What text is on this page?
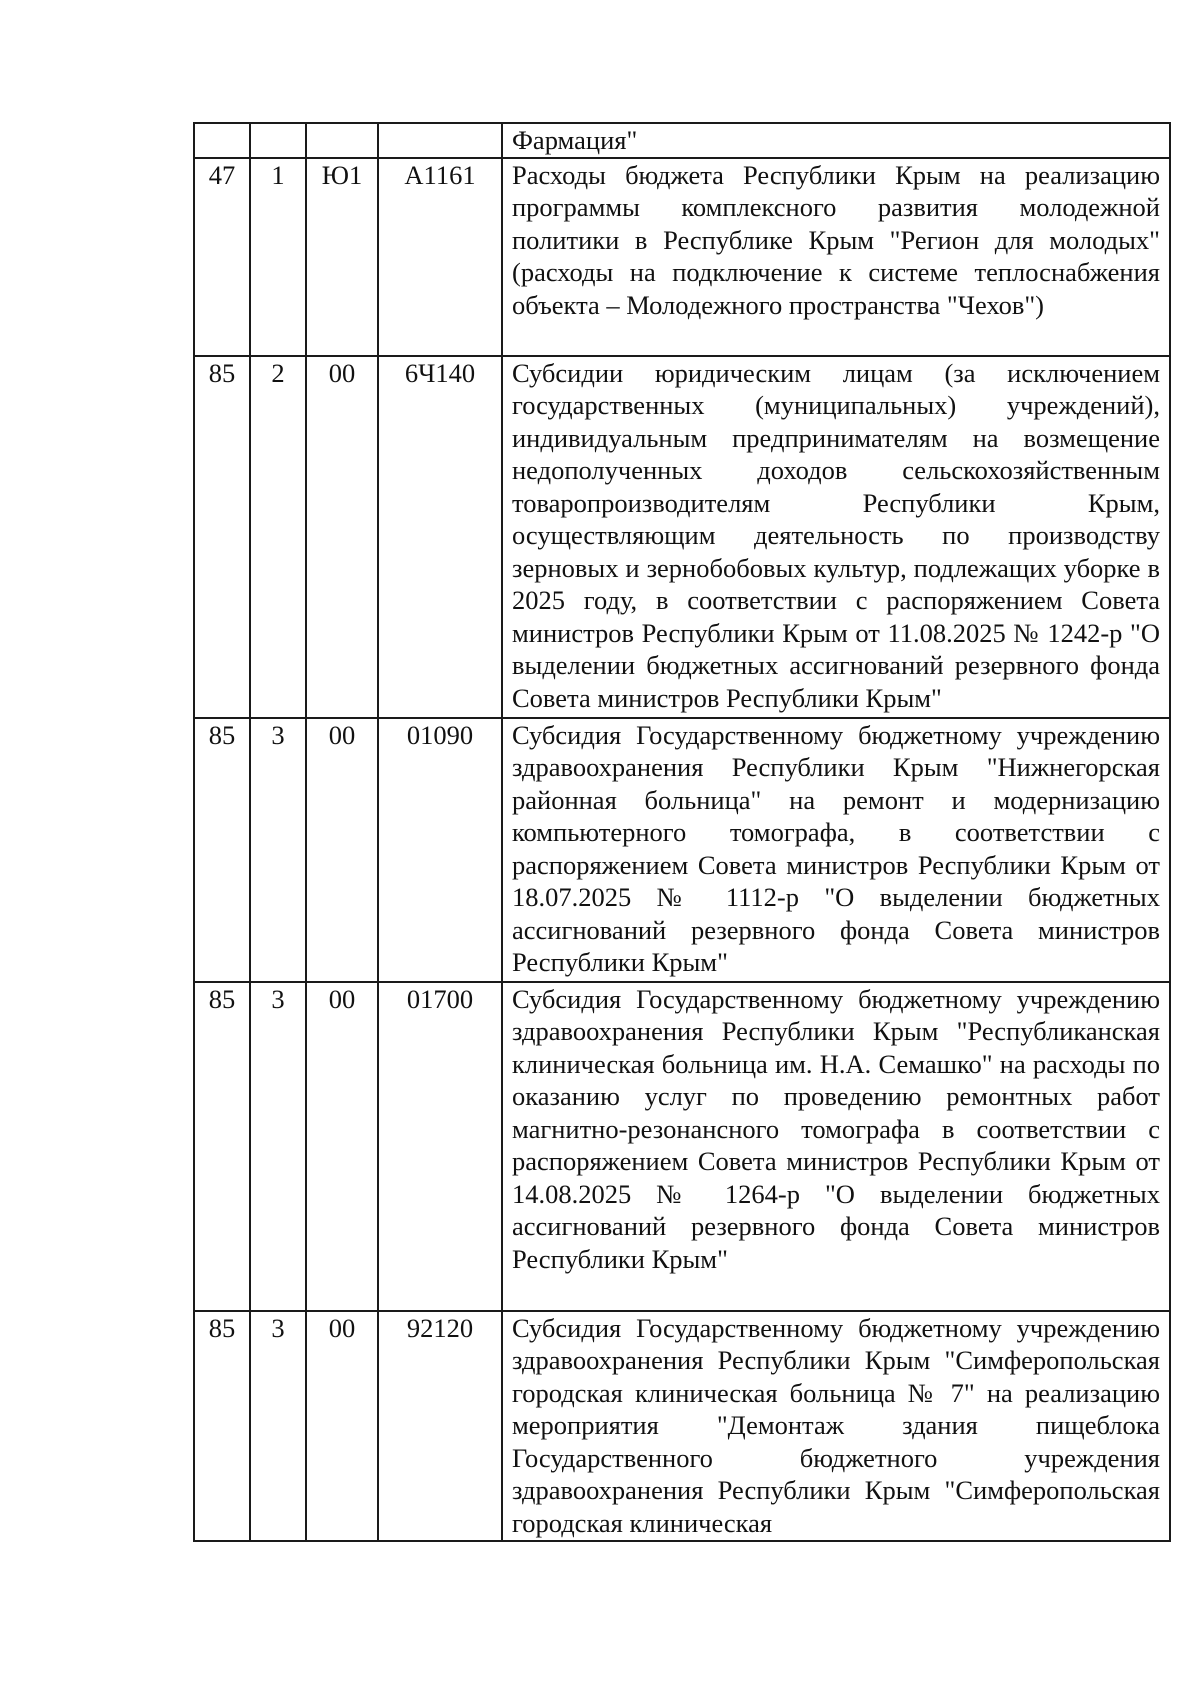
				Фармация"
47	1	Ю1	А1161	Расходы бюджета Республики Крым на реализацию программы комплексного развития молодежной политики в Республике Крым "Регион для молодых" (расходы на подключение к системе теплоснабжения объекта – Молодежного пространства "Чехов")
85	2	00	6Ч140	Субсидии юридическим лицам (за исключением государственных (муниципальных) учреждений), индивидуальным предпринимателям на возмещение недополученных доходов сельскохозяйственным товаропроизводителям Республики Крым, осуществляющим деятельность по производству зерновых и зернобобовых культур, подлежащих уборке в 2025 году, в соответствии с распоряжением Совета министров Республики Крым от 11.08.2025 № 1242-р "О выделении бюджетных ассигнований резервного фонда Совета министров Республики Крым"
85	3	00	01090	Субсидия Государственному бюджетному учреждению здравоохранения Республики Крым "Нижнегорская районная больница" на ремонт и модернизацию компьютерного томографа, в соответствии с распоряжением Совета министров Республики Крым от 18.07.2025 № 1112-р "О выделении бюджетных ассигнований резервного фонда Совета министров Республики Крым"
85	3	00	01700	Субсидия Государственному бюджетному учреждению здравоохранения Республики Крым "Республиканская клиническая больница им. Н.А. Семашко" на расходы по оказанию услуг по проведению ремонтных работ магнитно-резонансного томографа в соответствии с распоряжением Совета министров Республики Крым от 14.08.2025 № 1264-р "О выделении бюджетных ассигнований резервного фонда Совета министров Республики Крым"
85	3	00	92120	Субсидия Государственному бюджетному учреждению здравоохранения Республики Крым "Симферопольская городская клиническая больница № 7" на реализацию мероприятия "Демонтаж здания пищеблока Государственного бюджетного учреждения здравоохранения Республики Крым "Симферопольская городская клиническая
